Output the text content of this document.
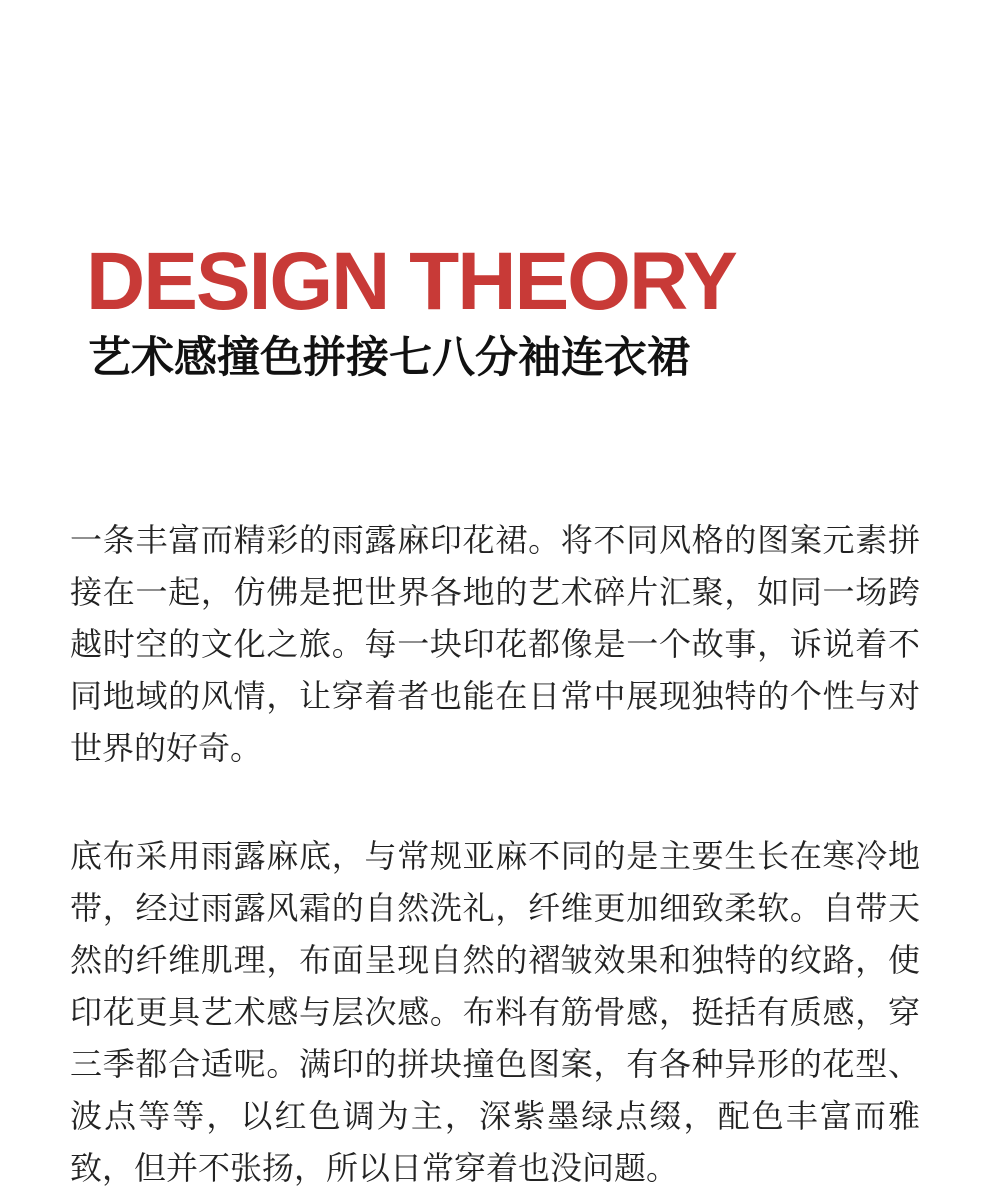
DESIGN THEORY
艺术感撞色拼接七八分袖连衣裙

一条丰富而精彩的雨露麻印花裙。将不同风格的图案元素拼接在一起，仿佛是把世界各地的艺术碎片汇聚，如同一场跨越时空的文化之旅。每一块印花都像是一个故事，诉说着不同地域的风情，让穿着者也能在日常中展现独特的个性与对世界的好奇。

底布采用雨露麻底，与常规亚麻不同的是主要生长在寒冷地带，经过雨露风霜的自然洗礼，纤维更加细致柔软。自带天然的纤维肌理，布面呈现自然的褶皱效果和独特的纹路，使印花更具艺术感与层次感。布料有筋骨感，挺括有质感，穿三季都合适呢。满印的拼块撞色图案，有各种异形的花型、波点等等，以红色调为主，深紫墨绿点缀，配色丰富而雅致，但并不张扬，所以日常穿着也没问题。
